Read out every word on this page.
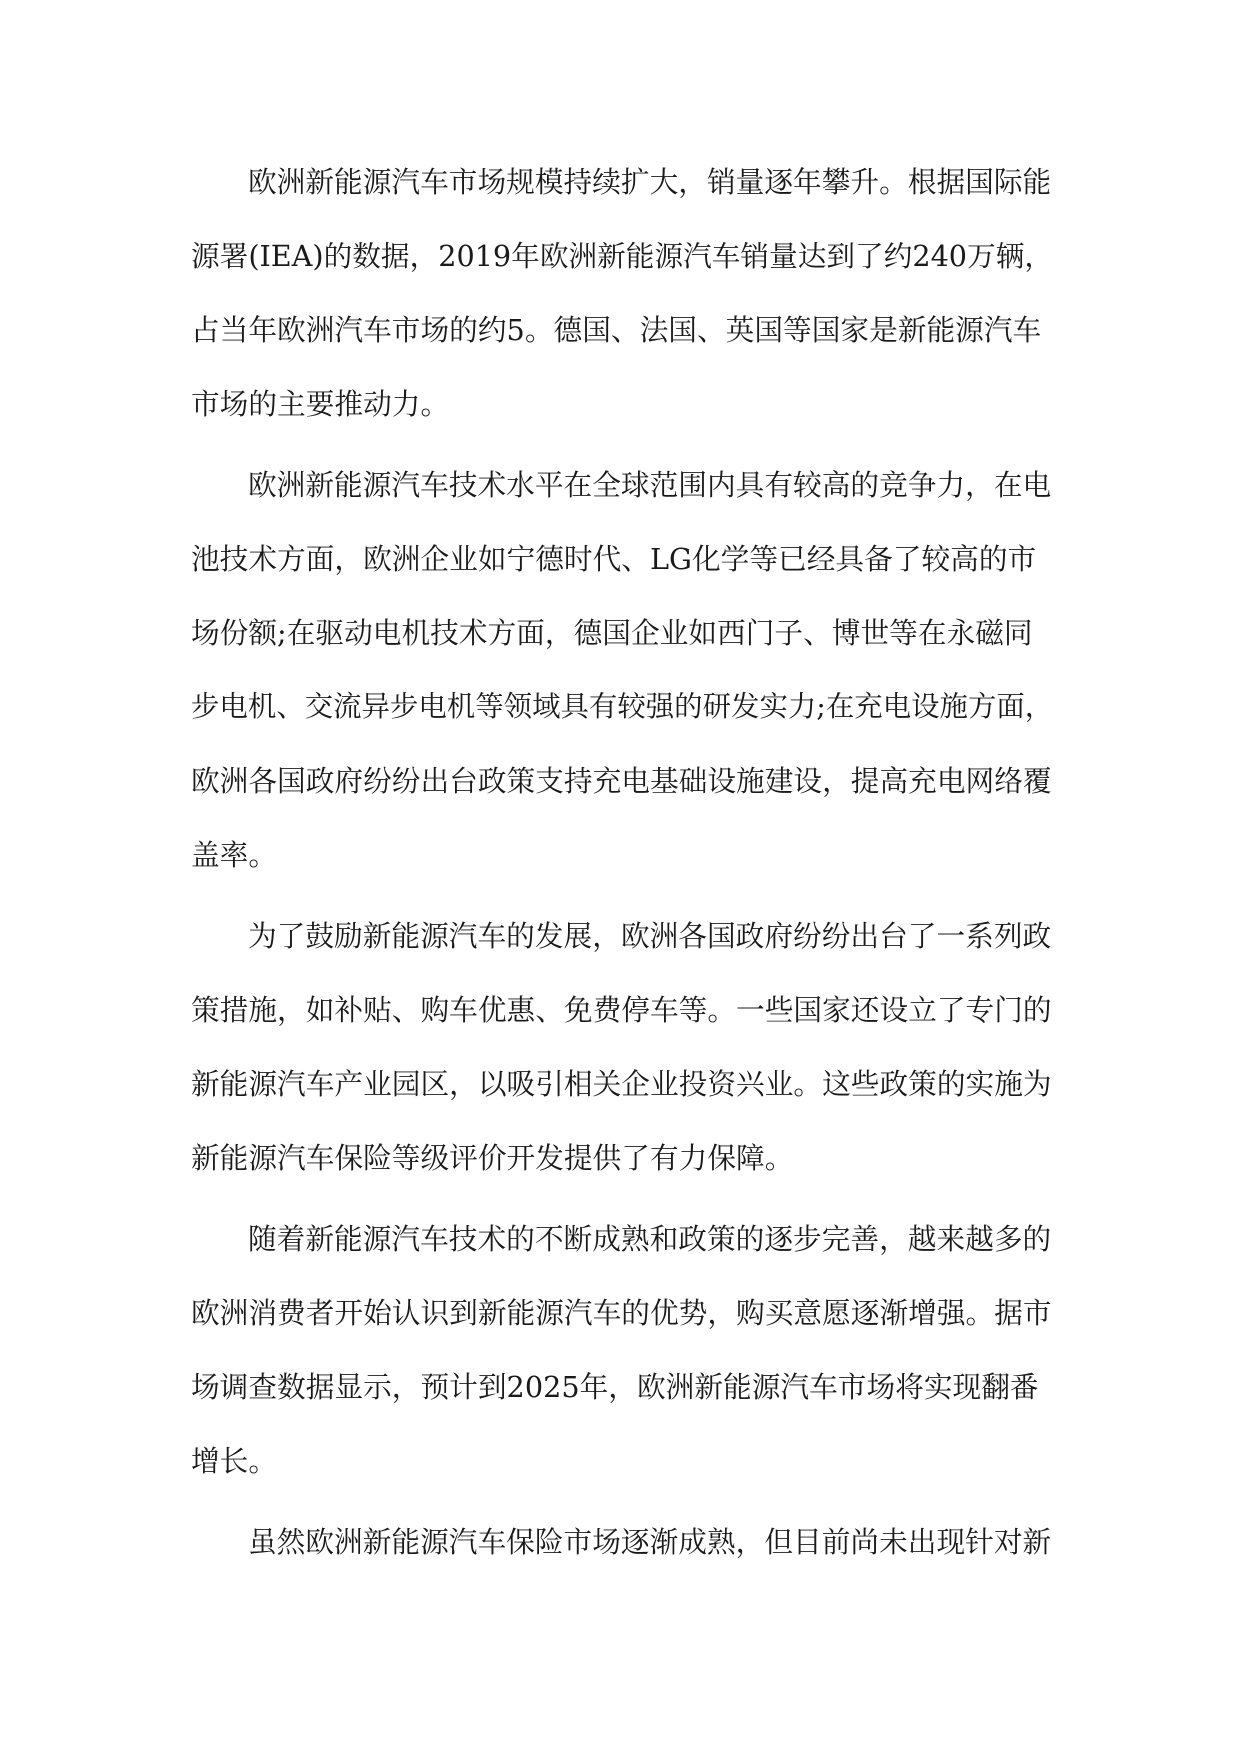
欧洲新能源汽车市场规模持续扩大，销量逐年攀升。根据国际能
源署(IEA)的数据，2019年欧洲新能源汽车销量达到了约240万辆，
占当年欧洲汽车市场的约5。德国、法国、英国等国家是新能源汽车
市场的主要推动力。
欧洲新能源汽车技术水平在全球范围内具有较高的竞争力，在电
池技术方面，欧洲企业如宁德时代、LG化学等已经具备了较高的市
场份额;在驱动电机技术方面，德国企业如西门子、博世等在永磁同
步电机、交流异步电机等领域具有较强的研发实力;在充电设施方面，
欧洲各国政府纷纷出台政策支持充电基础设施建设，提高充电网络覆
盖率。
为了鼓励新能源汽车的发展，欧洲各国政府纷纷出台了一系列政
策措施，如补贴、购车优惠、免费停车等。一些国家还设立了专门的
新能源汽车产业园区，以吸引相关企业投资兴业。这些政策的实施为
新能源汽车保险等级评价开发提供了有力保障。
随着新能源汽车技术的不断成熟和政策的逐步完善，越来越多的
欧洲消费者开始认识到新能源汽车的优势，购买意愿逐渐增强。据市
场调查数据显示，预计到2025年，欧洲新能源汽车市场将实现翻番
增长。
虽然欧洲新能源汽车保险市场逐渐成熟，但目前尚未出现针对新
